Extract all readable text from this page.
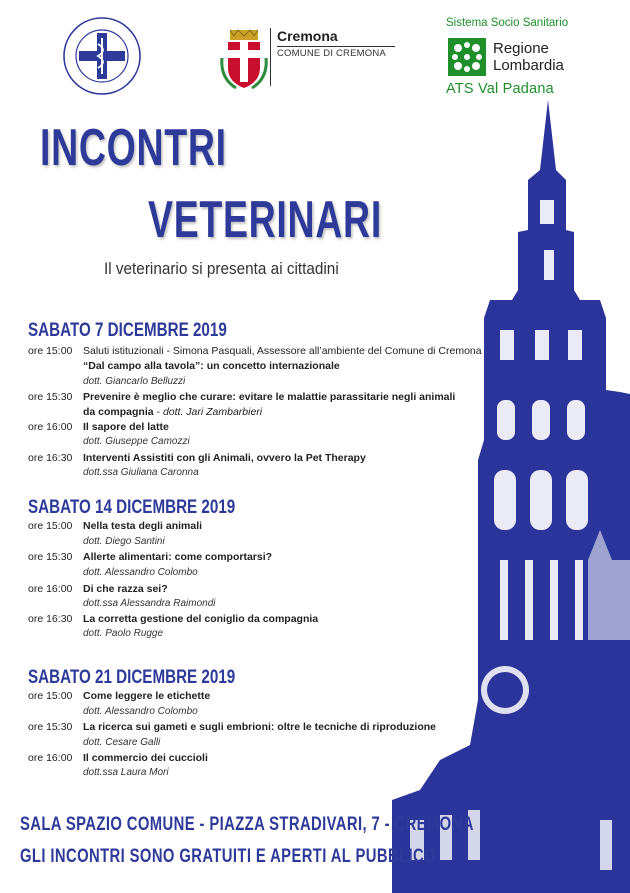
Cremona
COMUNE DI CREMONA
Sistema Socio Sanitario
Regione
Lombardia
ATS Val Padana
INCONTRI
VETERINARI
Il veterinario si presenta ai cittadini
SABATO 7 DICEMBRE 2019
ore 15:00 Saluti istituzionali - Simona Pasquali, Assessore all’ambiente del Comune di Cremona
“Dal campo alla tavola”: un concetto internazionale
dott. Giancarlo Belluzzi
ore 15:30 Prevenire è meglio che curare: evitare le malattie parassitarie negli animali
da compagnia - dott. Jari Zambarbieri
ore 16:00 Il sapore del latte
dott. Giuseppe Camozzi
ore 16:30 Interventi Assistiti con gli Animali, ovvero la Pet Therapy
dott.ssa Giuliana Caronna
SABATO 14 DICEMBRE 2019
ore 15:00 Nella testa degli animali
dott. Diego Santini
ore 15:30 Allerte alimentari: come comportarsi?
dott. Alessandro Colombo
ore 16:00 Di che razza sei?
dott.ssa Alessandra Raimondi
ore 16:30 La corretta gestione del coniglio da compagnia
dott. Paolo Rugge
SABATO 21 DICEMBRE 2019
ore 15:00 Come leggere le etichette
dott. Alessandro Colombo
ore 15:30 La ricerca sui gameti e sugli embrioni: oltre le tecniche di riproduzione
dott. Cesare Galli
ore 16:00 Il commercio dei cuccioli
dott.ssa Laura Mori
SALA SPAZIO COMUNE - PIAZZA STRADIVARI, 7 - CREMONA
GLI INCONTRI SONO GRATUITI E APERTI AL PUBBLICO
